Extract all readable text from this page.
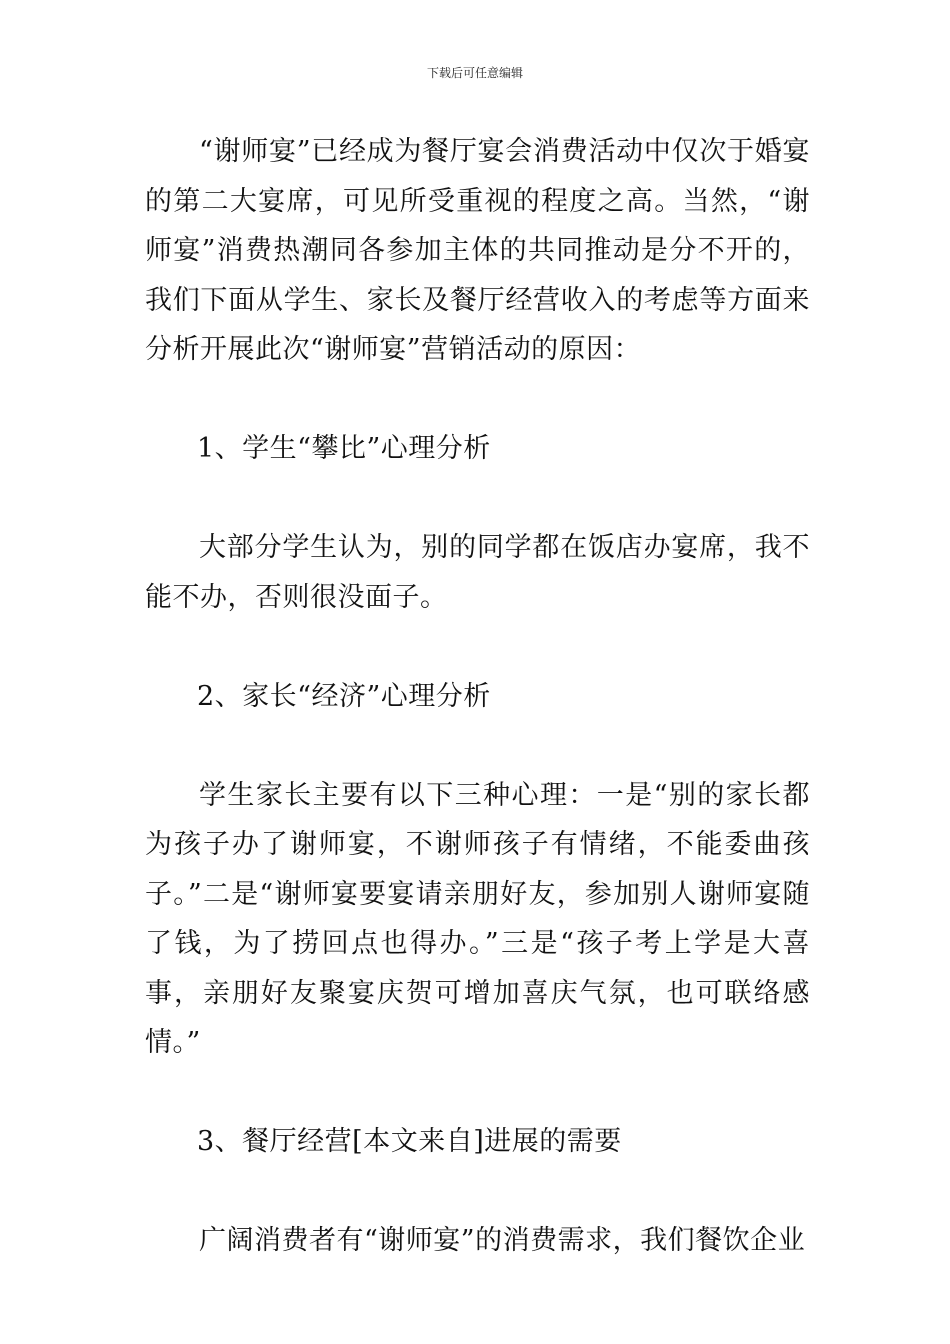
下载后可任意编辑

“谢师宴”已经成为餐厅宴会消费活动中仅次于婚宴的第二大宴席，可见所受重视的程度之高。当然，“谢师宴”消费热潮同各参加主体的共同推动是分不开的，我们下面从学生、家长及餐厅经营收入的考虑等方面来分析开展此次“谢师宴”营销活动的原因：

1、学生“攀比”心理分析

大部分学生认为，别的同学都在饭店办宴席，我不能不办，否则很没面子。

2、家长“经济”心理分析

学生家长主要有以下三种心理：一是“别的家长都为孩子办了谢师宴，不谢师孩子有情绪，不能委曲孩子。”二是“谢师宴要宴请亲朋好友，参加别人谢师宴随了钱，为了捞回点也得办。”三是“孩子考上学是大喜事，亲朋好友聚宴庆贺可增加喜庆气氛，也可联络感情。”

3、餐厅经营[本文来自]进展的需要

广阔消费者有“谢师宴”的消费需求，我们餐饮企业
